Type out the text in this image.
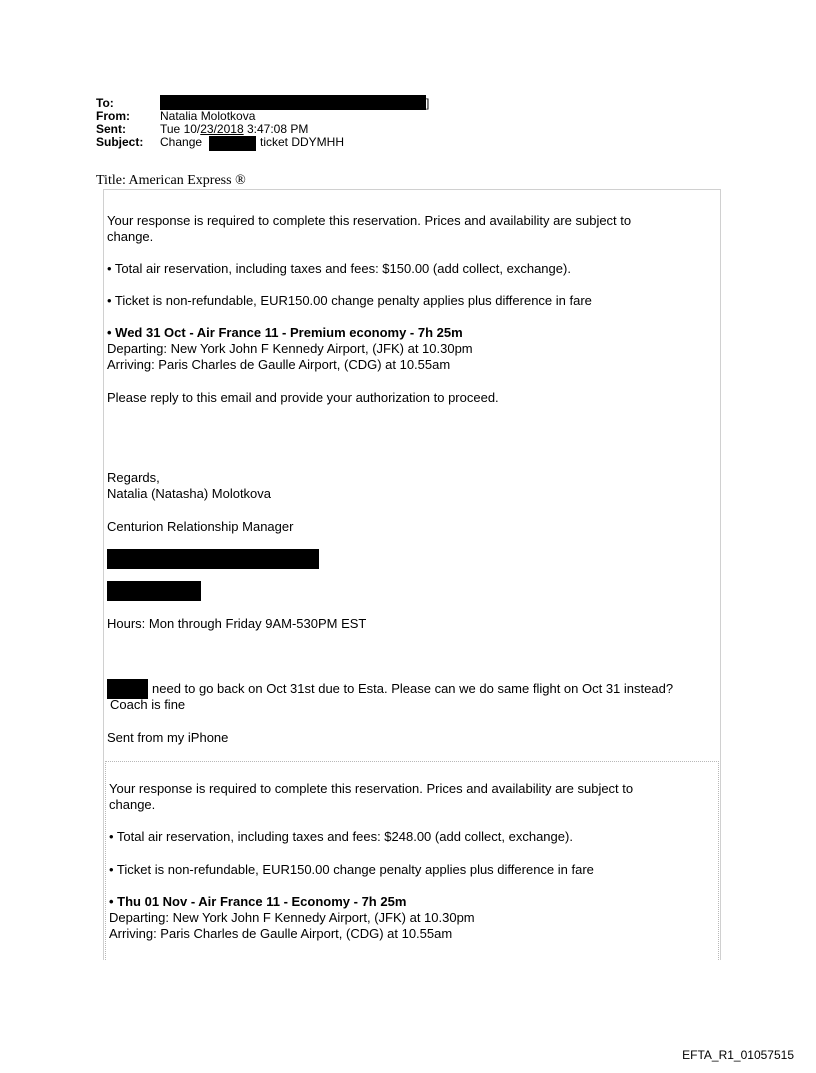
To:	]
From:	Natalia Molotkova
Sent:	Tue 10/23/2018 3:47:08 PM
Subject: Change	ticket DDYMHH
Title: American Express ®
Your response is required to complete this reservation. Prices and availability are subject to
change.
• Total air reservation, including taxes and fees: $150.00 (add collect, exchange).
• Ticket is non-refundable, EUR150.00 change penalty applies plus difference in fare
• Wed 31 Oct - Air France 11 - Premium economy - 7h 25m
Departing: New York John F Kennedy Airport, (JFK) at 10.30pm
Arriving: Paris Charles de Gaulle Airport, (CDG) at 10.55am
Please reply to this email and provide your authorization to proceed.
Regards,
Natalia (Natasha) Molotkova
Centurion Relationship Manager
Hours: Mon through Friday 9AM-530PM EST
need to go back on Oct 31st due to Esta. Please can we do same flight on Oct 31 instead?
Coach is fine
Sent from my iPhone
Your response is required to complete this reservation. Prices and availability are subject to
change.
• Total air reservation, including taxes and fees: $248.00 (add collect, exchange).
• Ticket is non-refundable, EUR150.00 change penalty applies plus difference in fare
• Thu 01 Nov - Air France 11 - Economy - 7h 25m
Departing: New York John F Kennedy Airport, (JFK) at 10.30pm
Arriving: Paris Charles de Gaulle Airport, (CDG) at 10.55am
EFTA_R1_01057515
